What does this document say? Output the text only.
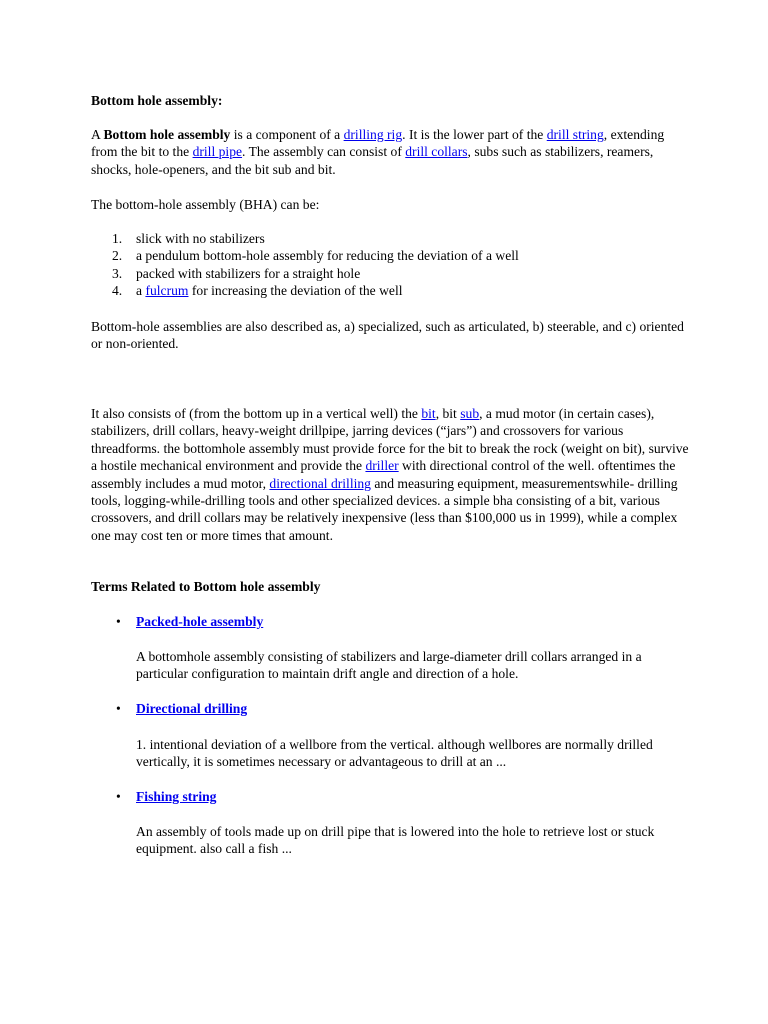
Bottom hole assembly:

A Bottom hole assembly is a component of a drilling rig. It is the lower part of the drill string, extending from the bit to the drill pipe. The assembly can consist of drill collars, subs such as stabilizers, reamers, shocks, hole-openers, and the bit sub and bit.

The bottom-hole assembly (BHA) can be:

1. slick with no stabilizers
2. a pendulum bottom-hole assembly for reducing the deviation of a well
3. packed with stabilizers for a straight hole
4. a fulcrum for increasing the deviation of the well

Bottom-hole assemblies are also described as, a) specialized, such as articulated, b) steerable, and c) oriented or non-oriented.

It also consists of (from the bottom up in a vertical well) the bit, bit sub, a mud motor (in certain cases), stabilizers, drill collars, heavy-weight drillpipe, jarring devices (“jars”) and crossovers for various threadforms. the bottomhole assembly must provide force for the bit to break the rock (weight on bit), survive a hostile mechanical environment and provide the driller with directional control of the well. oftentimes the assembly includes a mud motor, directional drilling and measuring equipment, measurementswhile- drilling tools, logging-while-drilling tools and other specialized devices. a simple bha consisting of a bit, various crossovers, and drill collars may be relatively inexpensive (less than $100,000 us in 1999), while a complex one may cost ten or more times that amount.

Terms Related to Bottom hole assembly

• Packed-hole assembly

A bottomhole assembly consisting of stabilizers and large-diameter drill collars arranged in a particular configuration to maintain drift angle and direction of a hole.

• Directional drilling

1. intentional deviation of a wellbore from the vertical. although wellbores are normally drilled vertically, it is sometimes necessary or advantageous to drill at an ...

• Fishing string

An assembly of tools made up on drill pipe that is lowered into the hole to retrieve lost or stuck equipment. also call a fish ...
